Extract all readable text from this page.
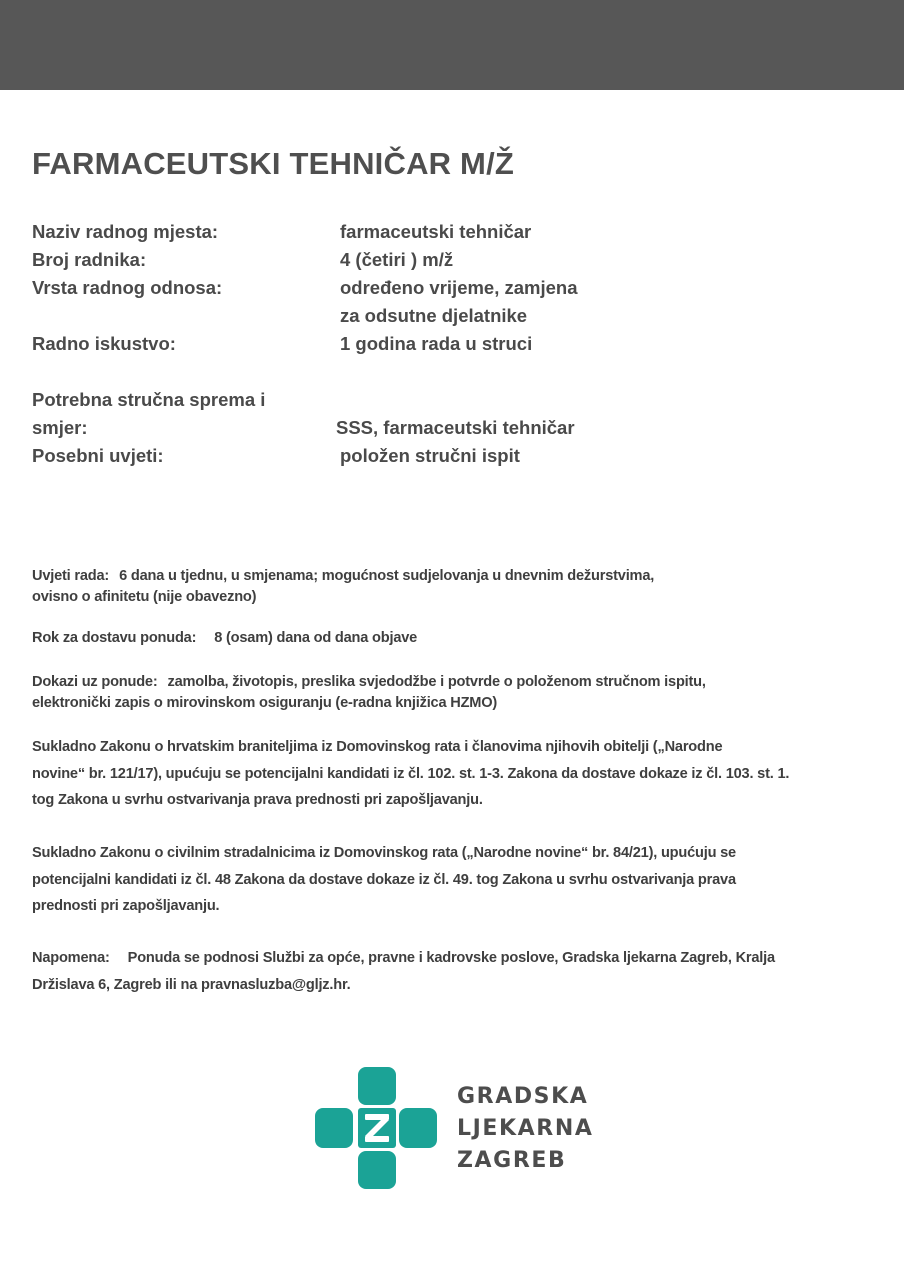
FARMACEUTSKI TEHNIČAR M/Ž
Naziv radnog mjesta:	farmaceutski tehničar
Broj radnika:	4 (četiri ) m/ž
Vrsta radnog odnosa:	određeno vrijeme, zamjena
za odsutne djelatnike
Radno iskustvo:	1 godina rada u struci
Potrebna stručna sprema i
smjer:	SSS, farmaceutski tehničar
Posebni uvjeti:	položen stručni ispit

Uvjeti rada: 6 dana u tjednu, u smjenama; mogućnost sudjelovanja u dnevnim dežurstvima,
ovisno o afinitetu (nije obavezno)

Rok za dostavu ponuda: 8 (osam) dana od dana objave

Dokazi uz ponude: zamolba, životopis, preslika svjedodžbe i potvrde o položenom stručnom ispitu,
elektronički zapis o mirovinskom osiguranju (e-radna knjižica HZMO)

Sukladno Zakonu o hrvatskim braniteljima iz Domovinskog rata i članovima njihovih obitelji („Narodne
novine“ br. 121/17), upućuju se potencijalni kandidati iz čl. 102. st. 1-3. Zakona da dostave dokaze iz čl. 103. st. 1.
tog Zakona u svrhu ostvarivanja prava prednosti pri zapošljavanju.

Sukladno Zakonu o civilnim stradalnicima iz Domovinskog rata („Narodne novine“ br. 84/21), upućuju se
potencijalni kandidati iz čl. 48 Zakona da dostave dokaze iz čl. 49. tog Zakona u svrhu ostvarivanja prava
prednosti pri zapošljavanju.

Napomena: Ponuda se podnosi Službi za opće, pravne i kadrovske poslove, Gradska ljekarna Zagreb, Kralja
Držislava 6, Zagreb ili na pravnasluzba@gljz.hr.

GRADSKA
LJEKARNA
ZAGREB
